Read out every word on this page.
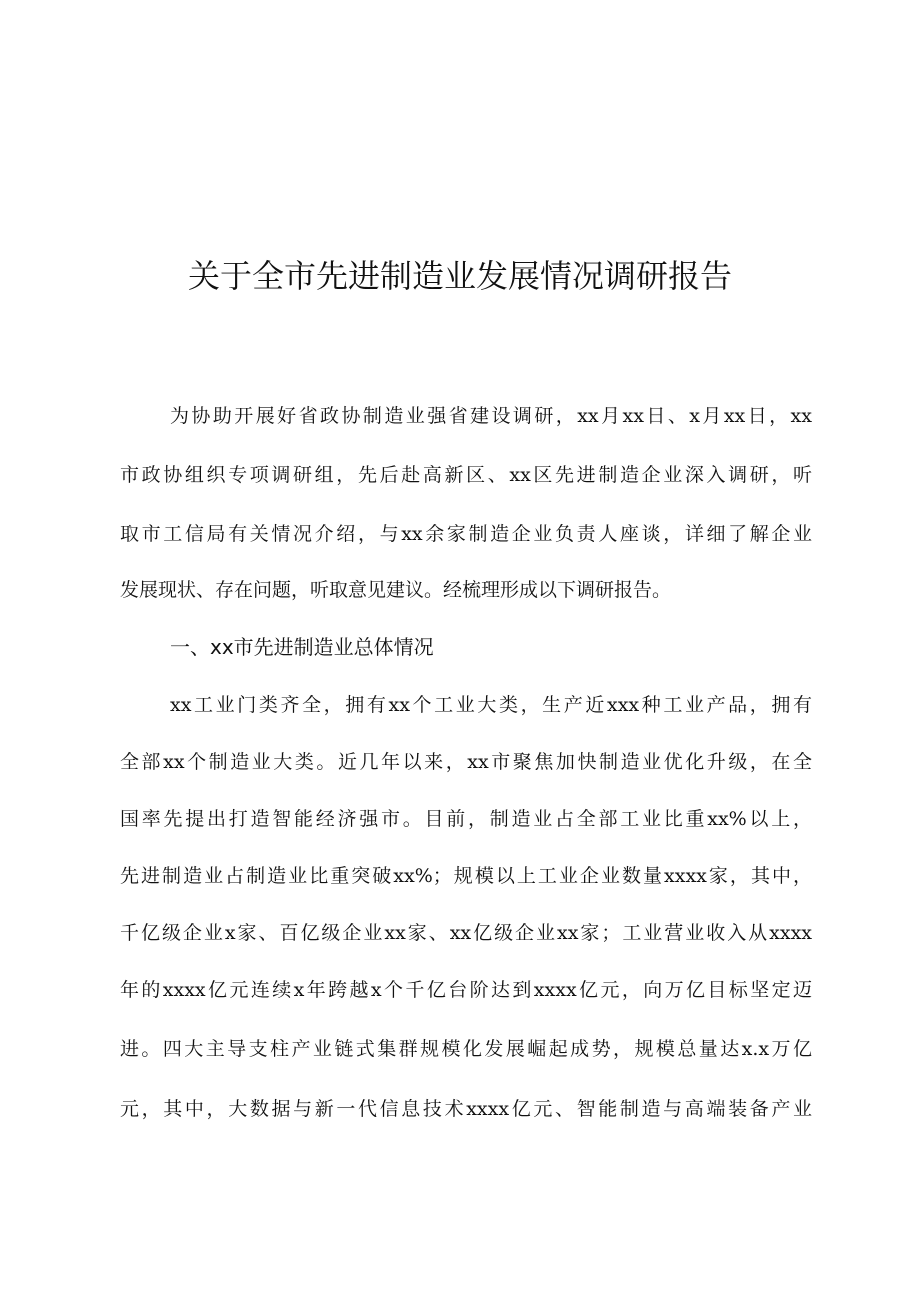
关于全市先进制造业发展情况调研报告
为协助开展好省政协制造业强省建设调研，xx月xx日、x月xx日，xx
市政协组织专项调研组，先后赴高新区、xx区先进制造企业深入调研，听
取市工信局有关情况介绍，与xx余家制造企业负责人座谈，详细了解企业
发展现状、存在问题，听取意见建议。经梳理形成以下调研报告。
一、xx市先进制造业总体情况
xx工业门类齐全，拥有xx个工业大类，生产近xxx种工业产品，拥有
全部xx个制造业大类。近几年以来，xx市聚焦加快制造业优化升级，在全
国率先提出打造智能经济强市。目前，制造业占全部工业比重xx%以上，
先进制造业占制造业比重突破xx%；规模以上工业企业数量xxxx家，其中，
千亿级企业x家、百亿级企业xx家、xx亿级企业xx家；工业营业收入从xxxx
年的xxxx亿元连续x年跨越x个千亿台阶达到xxxx亿元，向万亿目标坚定迈
进。四大主导支柱产业链式集群规模化发展崛起成势，规模总量达x.x万亿
元，其中，大数据与新一代信息技术xxxx亿元、智能制造与高端装备产业
